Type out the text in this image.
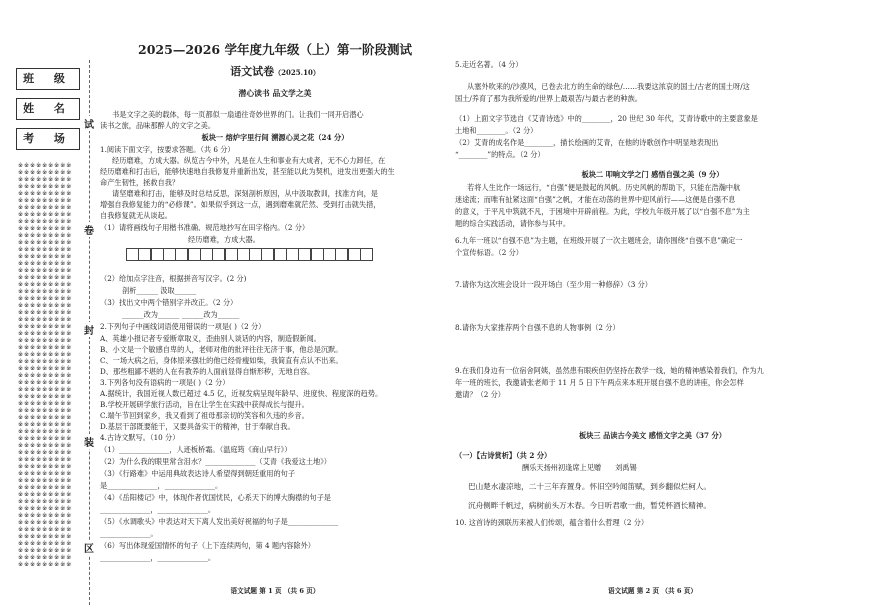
班 级
姓 名
考 场

※※※※※※※※※
※※※※※※※※※
※※※※※※※※※
※※※※※※※※※
※※※※※※※※※
※※※※※※※※※
※※※※※※※※※
※※※※※※※※※
※※※※※※※※※
※※※※※※※※※
※※※※※※※※※
※※※※※※※※※
※※※※※※※※※
※※※※※※※※※
※※※※※※※※※
※※※※※※※※※
※※※※※※※※※
※※※※※※※※※
※※※※※※※※※
※※※※※※※※※
※※※※※※※※※
※※※※※※※※※
※※※※※※※※※
※※※※※※※※※
※※※※※※※※※
※※※※※※※※※
※※※※※※※※※
※※※※※※※※※
※※※※※※※※※
※※※※※※※※※
※※※※※※※※※
※※※※※※※※※
※※※※※※※※※
※※※※※※※※※
※※※※※※※※※
※※※※※※※※※
※※※※※※※※※
※※※※※※※※※
※※※※※※※※※
※※※※※※※※※
※※※※※※※※※
※※※※※※※※※
※※※※※※※※※
※※※※※※※※※
※※※※※※※※※
※※※※※※※※※
※※※※※※※※※
※※※※※※※※※
※※※※※※※※※
※※※※※※※※※
※※※※※※※※※
※※※※※※※※※
※※※※※※※※※
※※※※※※※※※
※※※※※※※※※
※※※※※※※※※
※※※※※※※※※
※※※※※※※※※
试
卷
封
装
区
2025—2026 学年度九年级（上）第一阶段测试
语文试卷（2025.10）
潜心读书 品文学之美
书是文字之美的载体，每一页都似一扇通往奇妙世界的门。让我们一同开启潜心
读书之旅，品味那醉人的文字之美。
板块一 熔炉字里行间 溯源心灵之花（24 分）
1.阅读下面文字，按要求答题。（共 6 分）
经历磨难，方成大器。纵览古今中外，凡是在人生和事业有大成者，无不心力卸任，在
经历磨难和打击后，能够快速地自我修复并重新出发，甚至能以此为契机，迸发出更强大的生
命产生韧性，拯救自我？
请坚磨难和打击，能够及时总结反思，深刻剖析原因，从中汲取教训，找准方向，是
增强自我修复能力的“必修课”。如果似乎到这一点，遇到磨难就茫然、受到打击就失措，
自我修复就无从谈起。
（1）请将画线句子用楷书准确、规范地抄写在田字格内。（2 分）
经历磨难，方成大器。
（2）给加点字注音，根据拼音写汉字。(2 分)
剖析______ 汲取______
（3）找出文中两个错别字并改正。（2 分）
______改为______ ______改为______
2.下列句子中画线词语使用错误的一项是( )（2 分）
A、英雄小报记者专爱断章取义，歪曲别人谈话的内容，制造假新闻。
B、小文是一个敏感自卑的人，老师对他的批评往往无济于事，他总是沉默。
C、一场大病之后，身体原来强壮的他已经骨瘦如柴，我简直有点认不出来。
D、那些粗鄙不堪的人在有教养的人面前显得自惭形秽，无地自容。
3.下列各句没有语病的一项是( )（2 分）
A.据统计，我国近视人数已超过 4.5 亿，近视发病呈现年龄早、进度快、程度深的趋势。
B.学校开展研学旅行活动，旨在让学生在实践中获得成长与提升。
C.端午节回到家乡，我又看到了祖母那亲切的笑容和久违的乡音。
D.基层干部既要能干，又要具备实干的精神，甘于奉献自我。
4.古诗文默写。（10 分）
（1）______________，人迹板桥霜。（温庭筠《商山早行》）
（2）为什么我的眼里常含泪水？______________（艾青《我爱这土地》）
（3）《行路难》中运用典故表达诗人希望得到朝廷重用的句子
是______________，______________。
（4）《岳阳楼记》中，体现作者优国忧民，心系天下的博大胸襟的句子是
______________，______________。
（5）《水调歌头》中表达对天下离人发出美好祝福的句子是______________
______________。
（6）写出体现爱国情怀的句子（上下连续两句，第 4 题内容除外）
______________，______________。
语文试题 第 1 页 （共 6 页）
5.走近名著。（4 分）
从塞外吹来的/沙漠风，已卷去北方的生命的绿色/……我要这浓哀的国土/古老的国土呀/这
国土/养育了那为我所爱的/世界上最艰苦/与最古老的种族。
（1）上面文字节选自《艾青诗选》中的________，20 世纪 30 年代，艾青诗歌中的主要意象是
土地和________。（2 分）
（2）艾青的成名作是________，描长绘画的艾青，在他的诗歌创作中明显地表现出
“________”的特点。（2 分）
板块二 叩响文学之门 感悟自强之美（9 分）
若将人生比作一场远行，“自强”便是鼓起的风帆。历史风帆的帮助下，只能在浩瀚中航
迷途流；而唯有扯紧这面“自强”之帆，才能在动荡的世界中迎风前行——这便是自强不息
的意义，于平凡中筑就不凡，于困境中开辟前程。为此，学校九年级开展了以“自强不息”为主
题的综合实践活动，请你参与其中。
6.九年一班以“自强不息”为主题，在班级开展了一次主题班会，请你围绕“自强不息”确定一
个宣传标语。（2 分）
7.请你为这次班会设计一段开场白（至少用一种修辞）（3 分）
8.请你为大家推荐两个自强不息的人物事例（2 分）
9.在我们身边有一位宿舍阿姨，虽然患有眼疾但仍坚持在教学一线，她的精神感染着我们，作为九
年一班的班长，我邀请张老师于 11 月 5 日下午两点来本班开展自强不息的讲座，你会怎样
邀请？（2 分）
板块三 品读古今美文 感悟文字之美（37 分）
（一）【古诗赏析】（共 2 分）
酬乐天扬州初逢席上见赠 刘禹锡
巴山楚水凄凉地，二十三年弃置身。怀旧空吟闻笛赋，到乡翻似烂柯人。
沉舟侧畔千帆过，病树前头万木春。今日听君歌一曲，暂凭杯酒长精神。
10. 这首诗的颈联历来被人们传颂，蕴含着什么哲理（2 分）
语文试题 第 2 页 （共 6 页）
